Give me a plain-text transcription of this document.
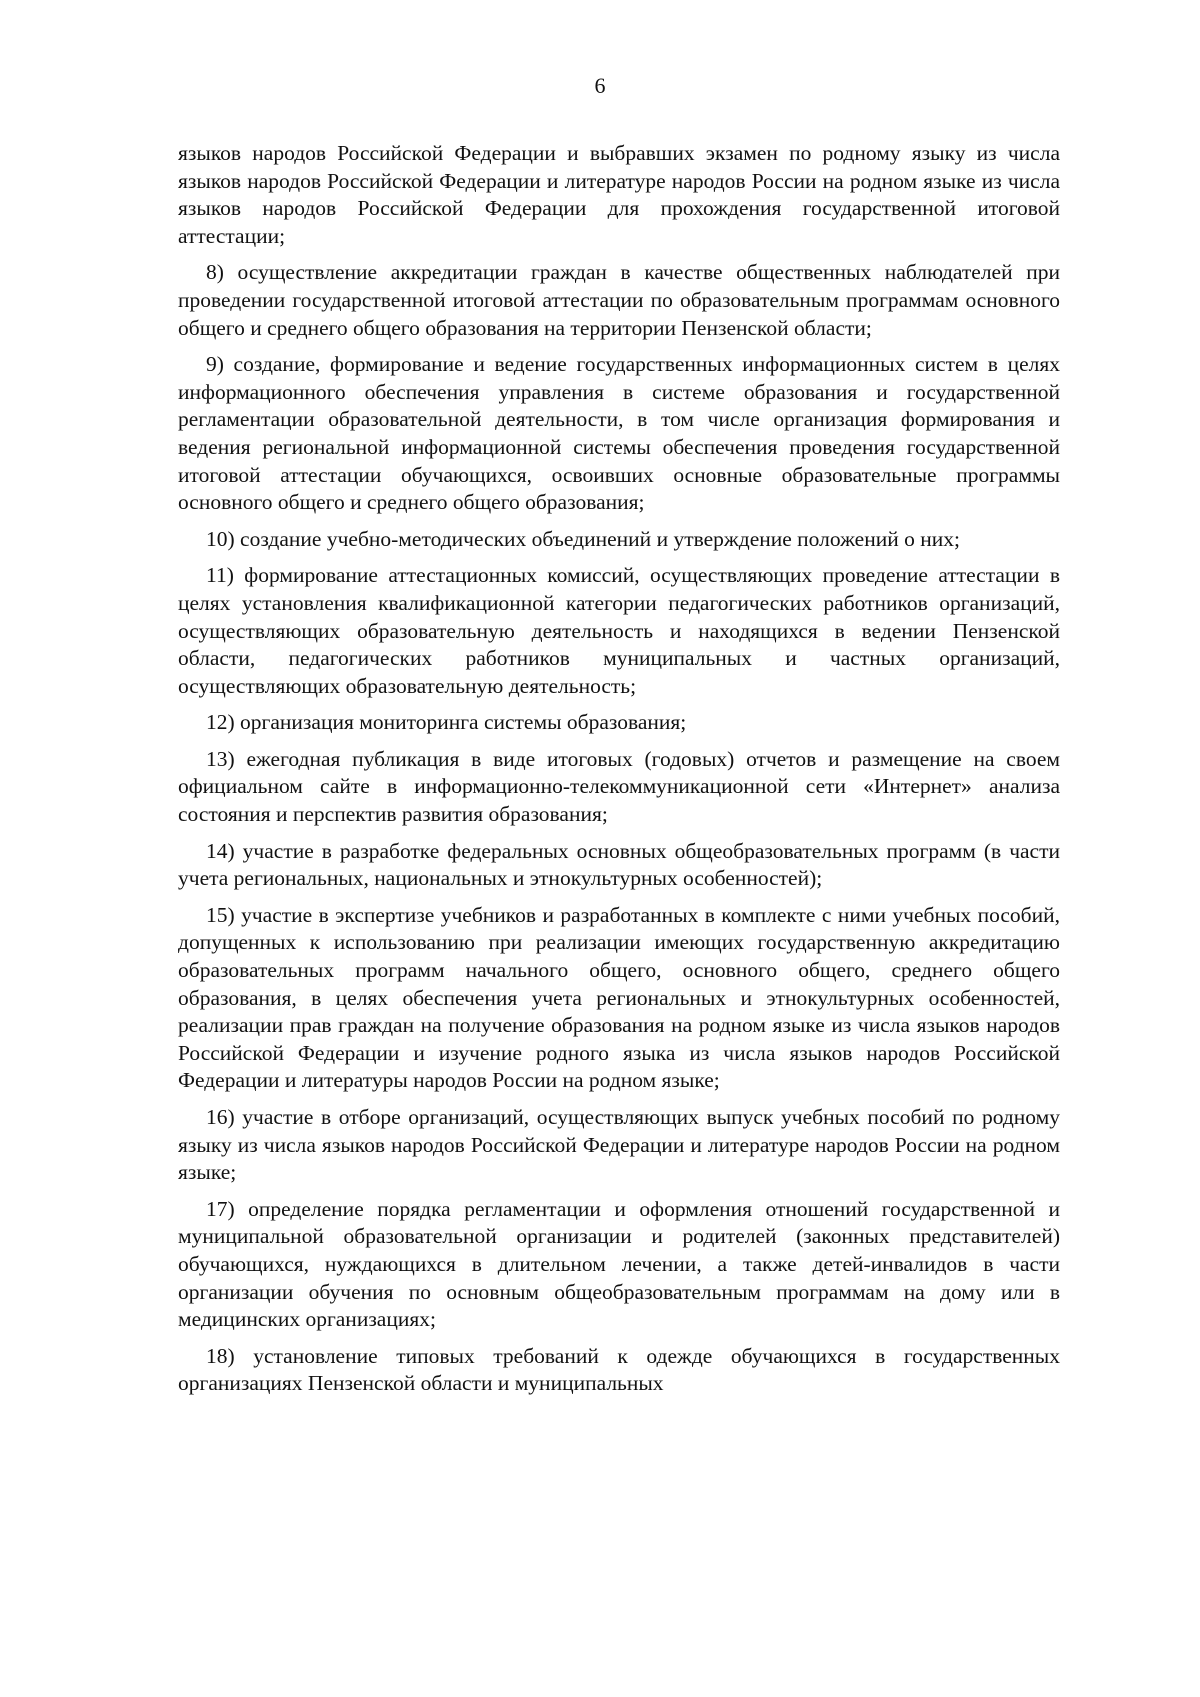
6

языков народов Российской Федерации и выбравших экзамен по родному языку из числа языков народов Российской Федерации и литературе народов России на родном языке из числа языков народов Российской Федерации для прохождения государственной итоговой аттестации;

8) осуществление аккредитации граждан в качестве общественных наблюдателей при проведении государственной итоговой аттестации по образовательным программам основного общего и среднего общего образования на территории Пензенской области;

9) создание, формирование и ведение государственных информационных систем в целях информационного обеспечения управления в системе образования и государственной регламентации образовательной деятельности, в том числе организация формирования и ведения региональной информационной системы обеспечения проведения государственной итоговой аттестации обучающихся, освоивших основные образовательные программы основного общего и среднего общего образования;

10) создание учебно-методических объединений и утверждение положений о них;

11) формирование аттестационных комиссий, осуществляющих проведение аттестации в целях установления квалификационной категории педагогических работников организаций, осуществляющих образовательную деятельность и находящихся в ведении Пензенской области, педагогических работников муниципальных и частных организаций, осуществляющих образовательную деятельность;

12) организация мониторинга системы образования;

13) ежегодная публикация в виде итоговых (годовых) отчетов и размещение на своем официальном сайте в информационно-телекоммуникационной сети «Интернет» анализа состояния и перспектив развития образования;

14) участие в разработке федеральных основных общеобразовательных программ (в части учета региональных, национальных и этнокультурных особенностей);

15) участие в экспертизе учебников и разработанных в комплекте с ними учебных пособий, допущенных к использованию при реализации имеющих государственную аккредитацию образовательных программ начального общего, основного общего, среднего общего образования, в целях обеспечения учета региональных и этнокультурных особенностей, реализации прав граждан на получение образования на родном языке из числа языков народов Российской Федерации и изучение родного языка из числа языков народов Российской Федерации и литературы народов России на родном языке;

16) участие в отборе организаций, осуществляющих выпуск учебных пособий по родному языку из числа языков народов Российской Федерации и литературе народов России на родном языке;

17) определение порядка регламентации и оформления отношений государственной и муниципальной образовательной организации и родителей (законных представителей) обучающихся, нуждающихся в длительном лечении, а также детей-инвалидов в части организации обучения по основным общеобразовательным программам на дому или в медицинских организациях;

18) установление типовых требований к одежде обучающихся в государственных организациях Пензенской области и муниципальных
